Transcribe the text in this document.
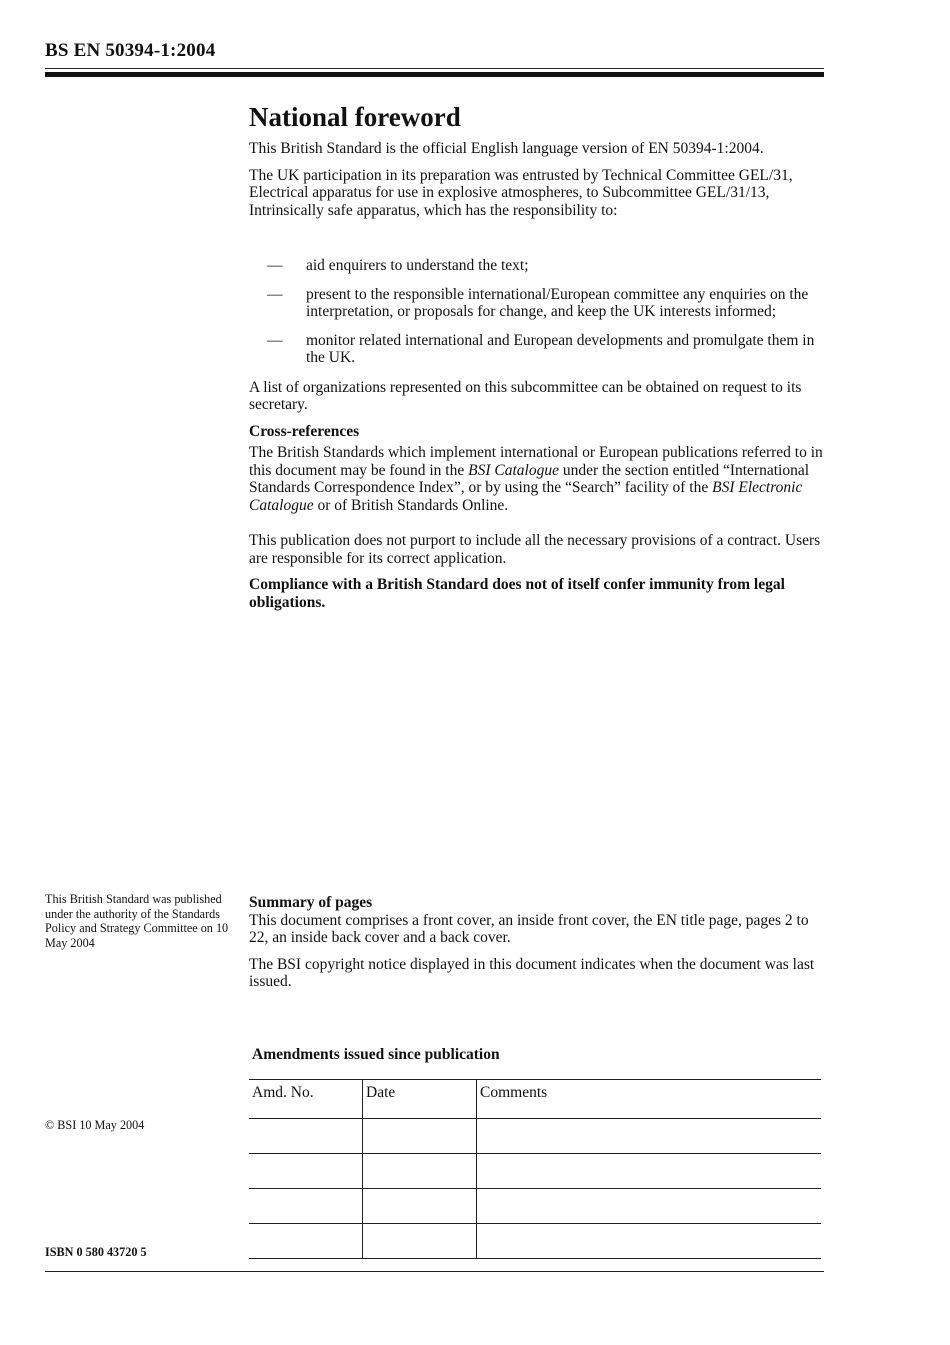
BS EN 50394-1:2004
National foreword

This British Standard is the official English language version of EN 50394-1:2004.

The UK participation in its preparation was entrusted by Technical Committee GEL/31, Electrical apparatus for use in explosive atmospheres, to Subcommittee GEL/31/13, Intrinsically safe apparatus, which has the responsibility to:

— aid enquirers to understand the text;
— present to the responsible international/European committee any enquiries on the interpretation, or proposals for change, and keep the UK interests informed;
— monitor related international and European developments and promulgate them in the UK.

A list of organizations represented on this subcommittee can be obtained on request to its secretary.

Cross-references

The British Standards which implement international or European publications referred to in this document may be found in the BSI Catalogue under the section entitled “International Standards Correspondence Index”, or by using the “Search” facility of the BSI Electronic Catalogue or of British Standards Online.

This publication does not purport to include all the necessary provisions of a contract. Users are responsible for its correct application.

Compliance with a British Standard does not of itself confer immunity from legal obligations.

This British Standard was published under the authority of the Standards Policy and Strategy Committee on 10 May 2004
Summary of pages

This document comprises a front cover, an inside front cover, the EN title page, pages 2 to 22, an inside back cover and a back cover.

The BSI copyright notice displayed in this document indicates when the document was last issued.

Amendments issued since publication
Amd. No.	Date	Comments

© BSI 10 May 2004
ISBN 0 580 43720 5
